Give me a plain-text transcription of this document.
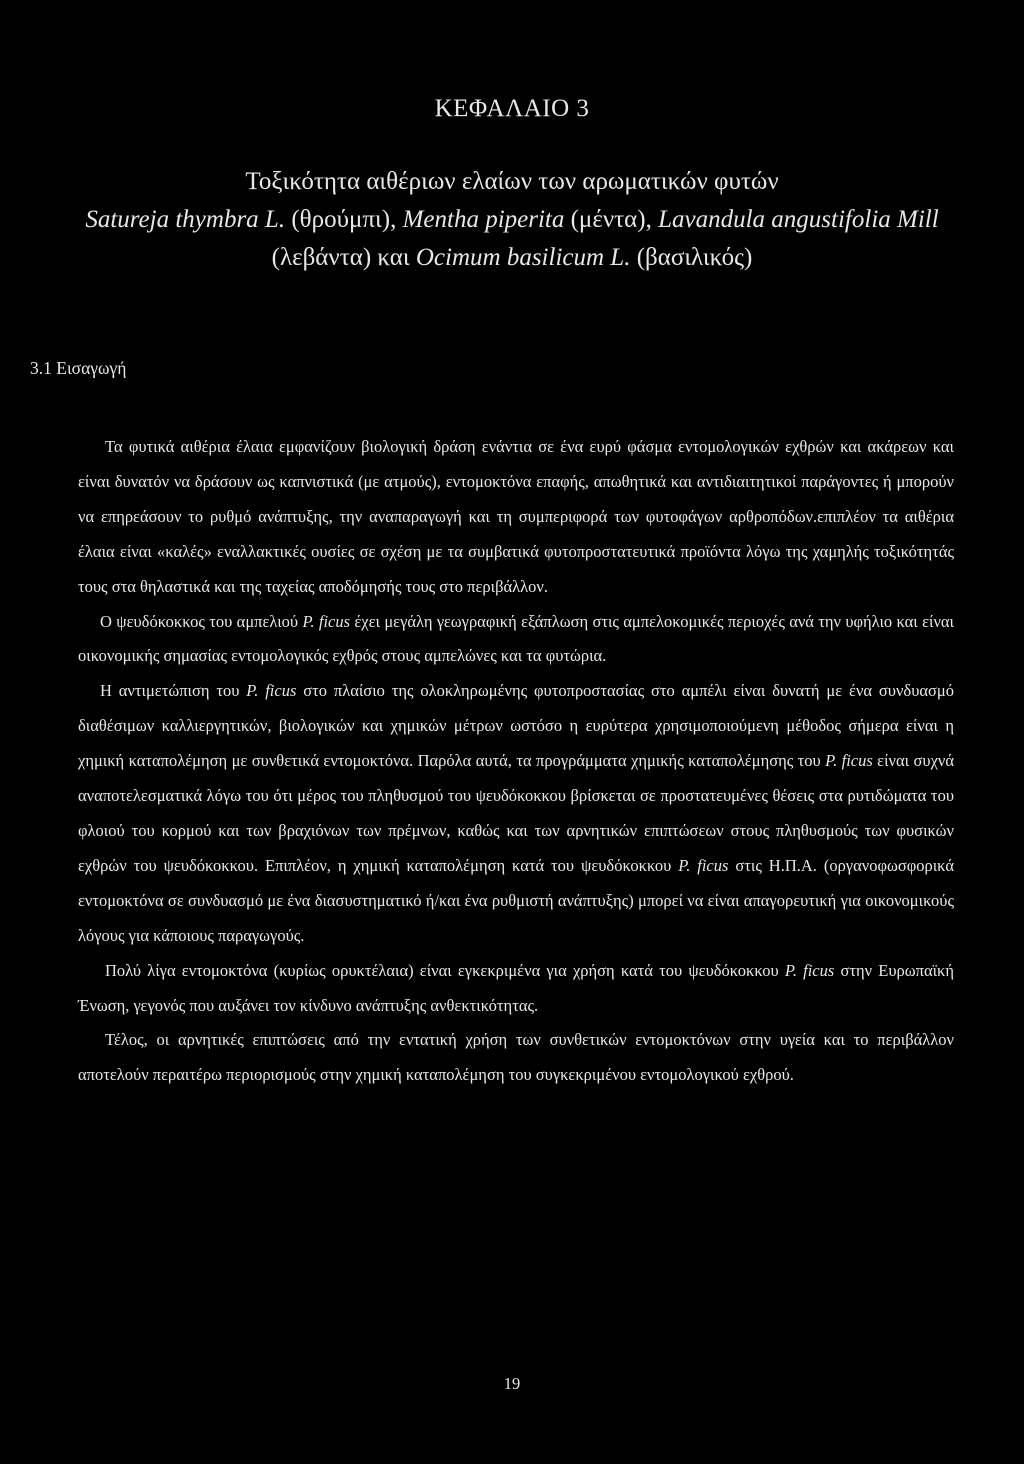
ΚΕΦΑΛΑΙΟ 3
Τοξικότητα αιθέριων ελαίων των αρωματικών φυτών
Satureja thymbra L. (θρούμπι), Mentha piperita (μέντα), Lavandula angustifolia Mill (λεβάντα) και Ocimum basilicum L. (βασιλικός)
3.1 Εισαγωγή

Τα φυτικά αιθέρια έλαια εμφανίζουν βιολογική δράση ενάντια σε ένα ευρύ φάσμα εντομολογικών εχθρών και ακάρεων και είναι δυνατόν να δράσουν ως καπνιστικά (με ατμούς), εντομοκτόνα επαφής, απωθητικά και αντιδιαιτητικοί παράγοντες ή μπορούν να επηρεάσουν το ρυθμό ανάπτυξης, την αναπαραγωγή και τη συμπεριφορά των φυτοφάγων αρθροπόδων.επιπλέον τα αιθέρια έλαια είναι «καλές» εναλλακτικές ουσίες σε σχέση με τα συμβατικά φυτοπροστατευτικά προϊόντα λόγω της χαμηλής τοξικότητάς τους στα θηλαστικά και της ταχείας αποδόμησής τους στο περιβάλλον.

Ο ψευδόκοκκος του αμπελιού P. ficus έχει μεγάλη γεωγραφική εξάπλωση στις αμπελοκομικές περιοχές ανά την υφήλιο και είναι οικονομικής σημασίας εντομολογικός εχθρός στους αμπελώνες και τα φυτώρια.

Η αντιμετώπιση του P. ficus στο πλαίσιο της ολοκληρωμένης φυτοπροστασίας στο αμπέλι είναι δυνατή με ένα συνδυασμό διαθέσιμων καλλιεργητικών, βιολογικών και χημικών μέτρων ωστόσο η ευρύτερα χρησιμοποιούμενη μέθοδος σήμερα είναι η χημική καταπολέμηση με συνθετικά εντομοκτόνα. Παρόλα αυτά, τα προγράμματα χημικής καταπολέμησης του P. ficus είναι συχνά αναποτελεσματικά λόγω του ότι μέρος του πληθυσμού του ψευδόκοκκου βρίσκεται σε προστατευμένες θέσεις στα ρυτιδώματα του φλοιού του κορμού και των βραχιόνων των πρέμνων, καθώς και των αρνητικών επιπτώσεων στους πληθυσμούς των φυσικών εχθρών του ψευδόκοκκου. Επιπλέον, η χημική καταπολέμηση κατά του ψευδόκοκκου P. ficus στις Η.Π.Α. (οργανοφωσφορικά εντομοκτόνα σε συνδυασμό με ένα διασυστηματικό ή/και ένα ρυθμιστή ανάπτυξης) μπορεί να είναι απαγορευτική για οικονομικούς λόγους για κάποιους παραγωγούς.

Πολύ λίγα εντομοκτόνα (κυρίως ορυκτέλαια) είναι εγκεκριμένα για χρήση κατά του ψευδόκοκκου P. ficus στην Ευρωπαϊκή Ένωση, γεγονός που αυξάνει τον κίνδυνο ανάπτυξης ανθεκτικότητας.

Τέλος, οι αρνητικές επιπτώσεις από την εντατική χρήση των συνθετικών εντομοκτόνων στην υγεία και το περιβάλλον αποτελούν περαιτέρω περιορισμούς στην χημική καταπολέμηση του συγκεκριμένου εντομολογικού εχθρού.

19
